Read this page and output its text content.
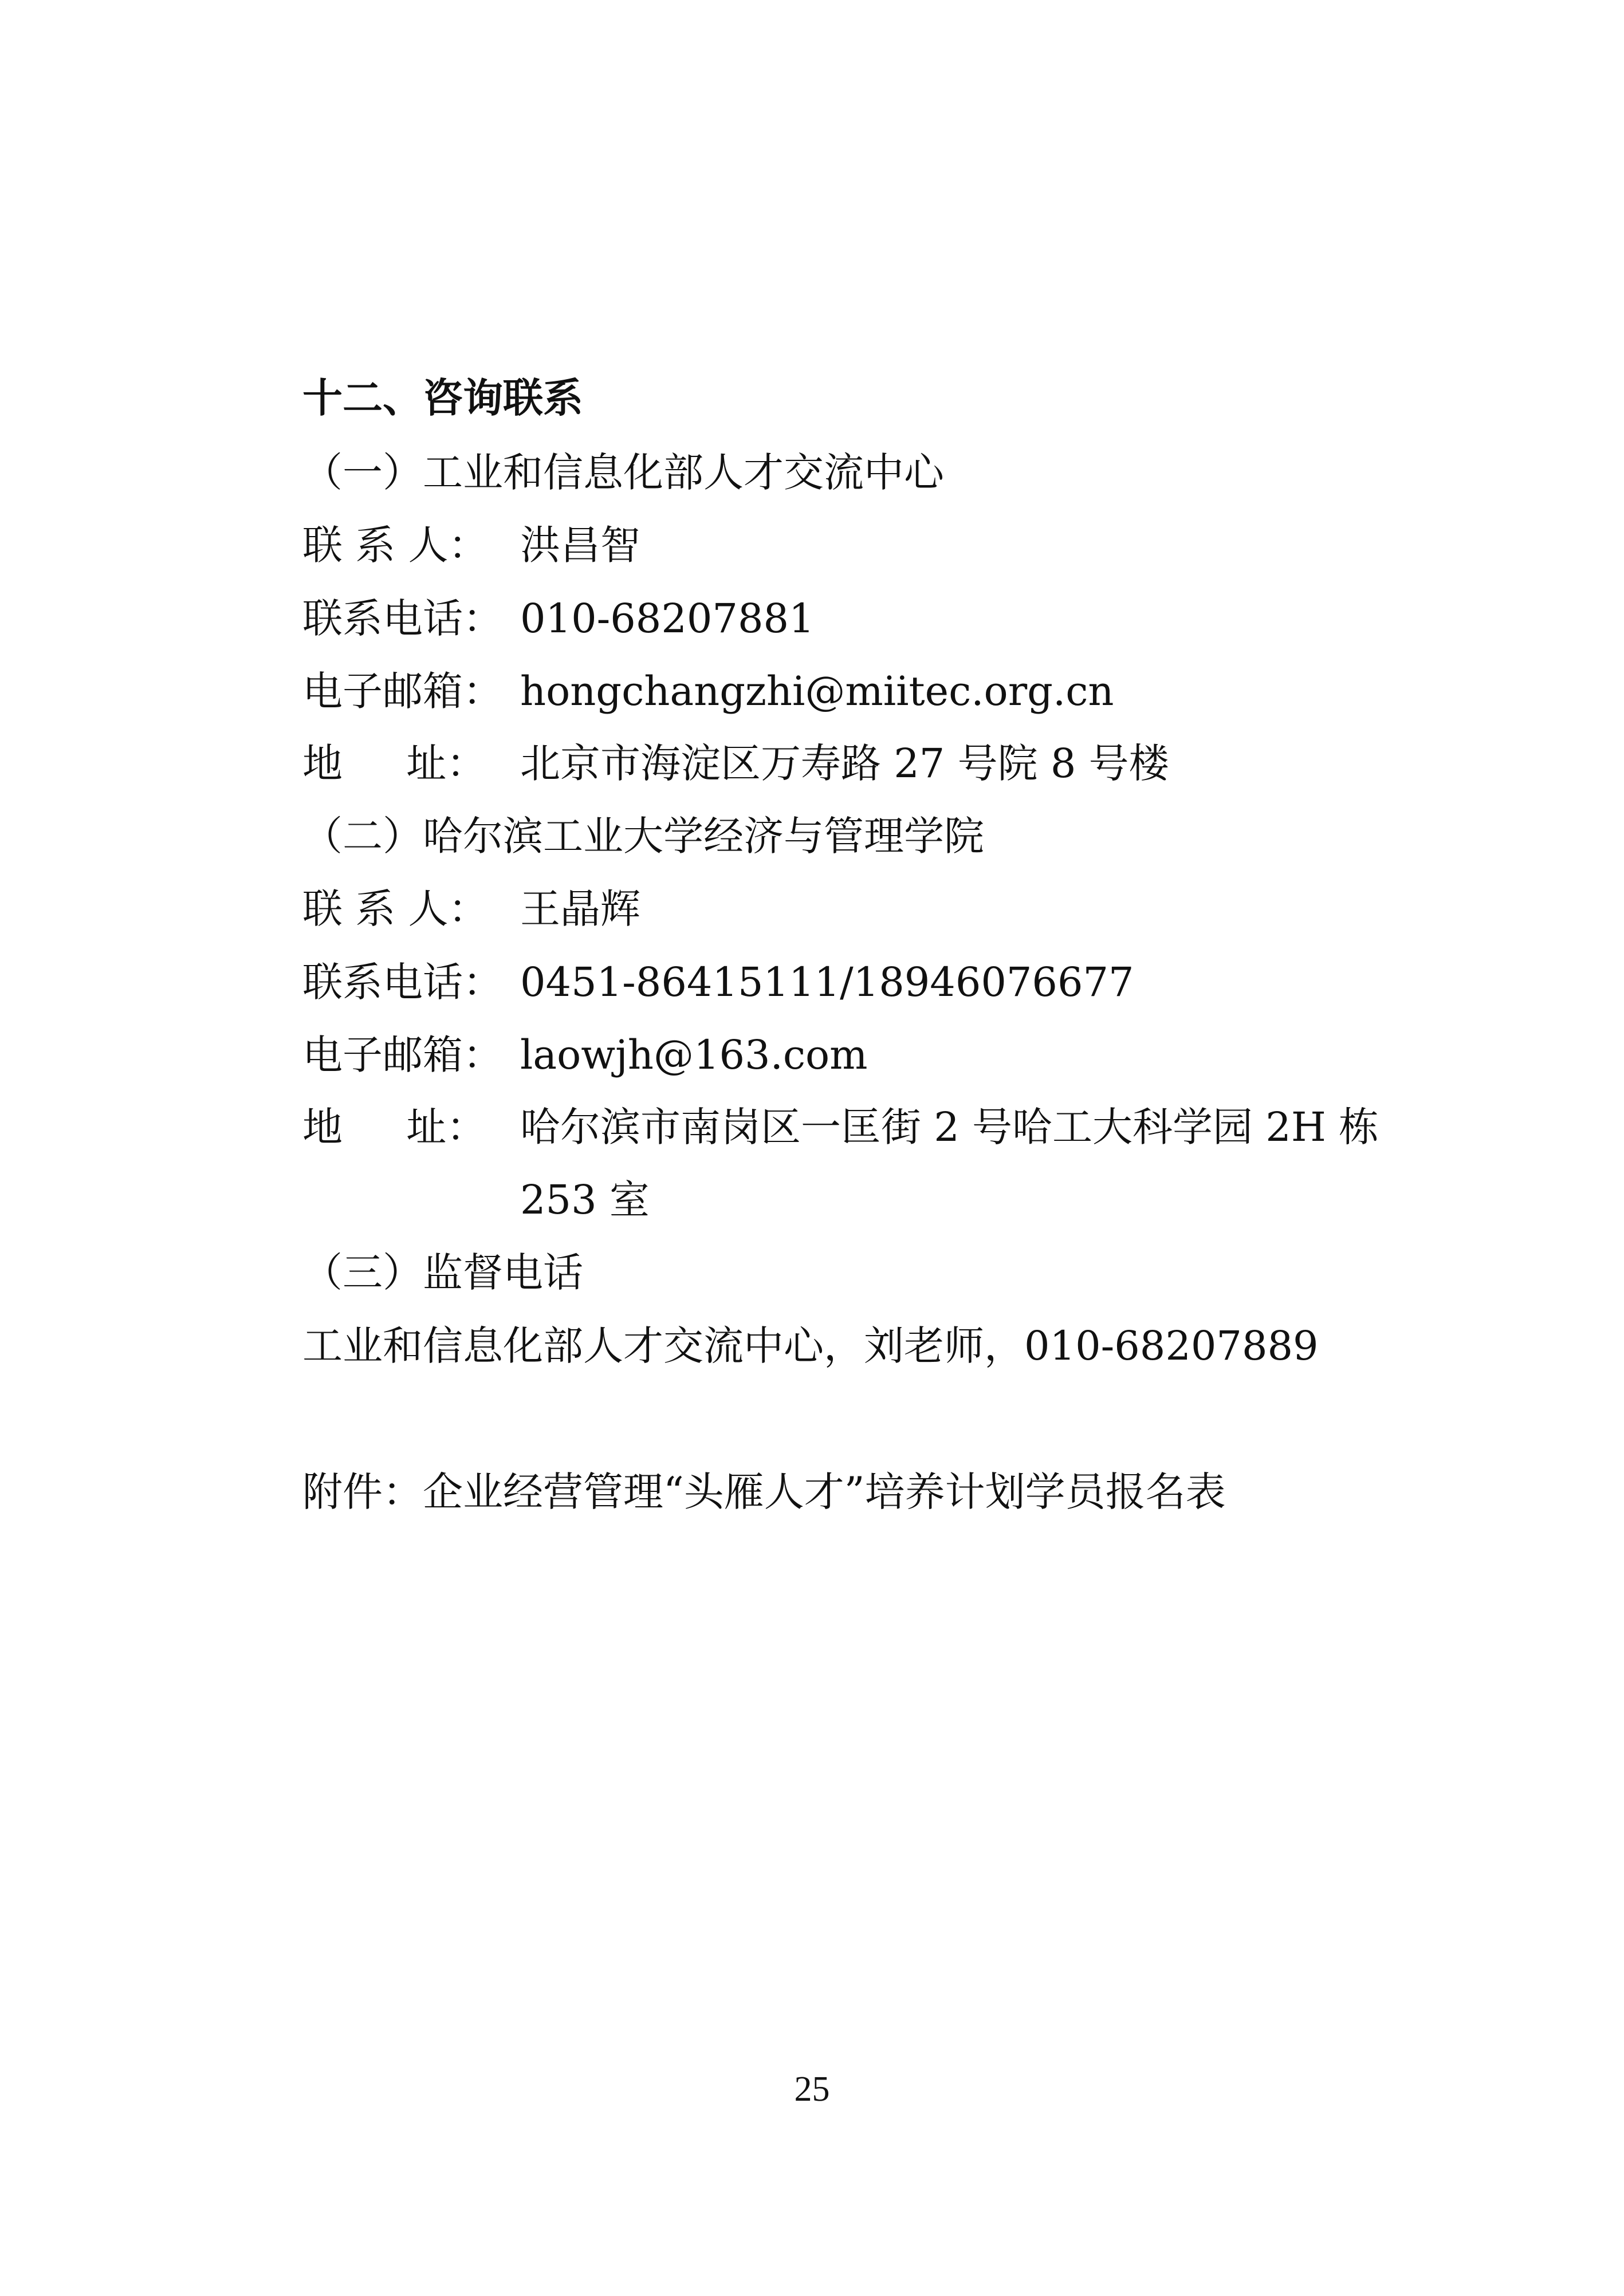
十二、咨询联系
（一）工业和信息化部人才交流中心
联 系 人： 洪昌智
联系电话： 010-68207881
电子邮箱： hongchangzhi@miitec.org.cn
地     址： 北京市海淀区万寿路 27 号院 8 号楼
（二）哈尔滨工业大学经济与管理学院
联 系 人： 王晶辉
联系电话： 0451-86415111/18946076677
电子邮箱： laowjh@163.com
地     址： 哈尔滨市南岗区一匡街 2 号哈工大科学园 2H 栋
253 室
（三）监督电话
工业和信息化部人才交流中心，刘老师，010-68207889
附件：企业经营管理“头雁人才”培养计划学员报名表
25
